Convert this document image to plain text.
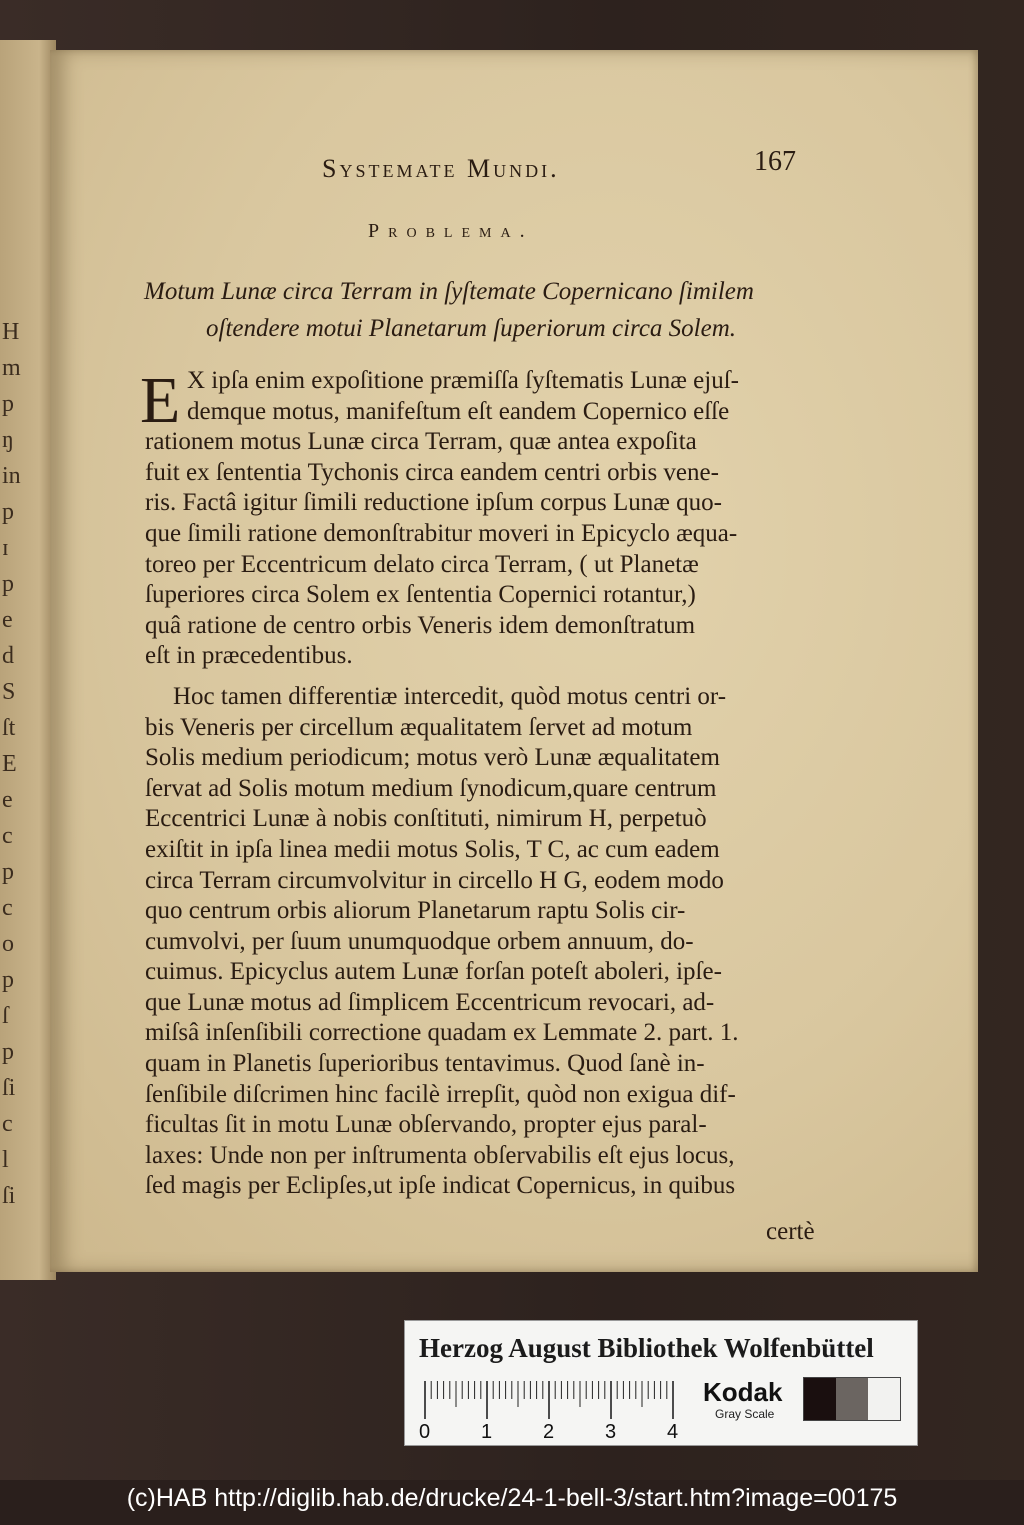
H
m
p
ŋ
in
p
ɪ
p
e
d
S
ſt
E
e
c
p
c
o
p
ſ
p
ſi
c
l
ſi
Systemate Mundi.	167
Problema.
Motum Lunæ circa Terram in ſyſtemate Copernicano ſimilem
oſtendere motui Planetarum ſuperiorum circa Solem.
E X ipſa enim expoſitione præmiſſa ſyſtematis Lunæ ejuſ-
demque motus, manifeſtum eſt eandem Copernico eſſe
rationem motus Lunæ circa Terram, quæ antea expoſita
fuit ex ſententia Tychonis circa eandem centri orbis vene-
ris. Factâ igitur ſimili reductione ipſum corpus Lunæ quo-
que ſimili ratione demonſtrabitur moveri in Epicyclo æqua-
toreo per Eccentricum delato circa Terram, ( ut Planetæ
ſuperiores circa Solem ex ſententia Copernici rotantur,)
quâ ratione de centro orbis Veneris idem demonſtratum
eſt in præcedentibus.
Hoc tamen differentiæ intercedit, quòd motus centri or-
bis Veneris per circellum æqualitatem ſervet ad motum
Solis medium periodicum; motus verò Lunæ æqualitatem
ſervat ad Solis motum medium ſynodicum,quare centrum
Eccentrici Lunæ à nobis conſtituti, nimirum H, perpetuò
exiſtit in ipſa linea medii motus Solis, T C, ac cum eadem
circa Terram circumvolvitur in circello H G, eodem modo
quo centrum orbis aliorum Planetarum raptu Solis cir-
cumvolvi, per ſuum unumquodque orbem annuum, do-
cuimus. Epicyclus autem Lunæ forſan poteſt aboleri, ipſe-
que Lunæ motus ad ſimplicem Eccentricum revocari, ad-
miſsâ inſenſibili correctione quadam ex Lemmate 2. part. 1.
quam in Planetis ſuperioribus tentavimus. Quod ſanè in-
ſenſibile diſcrimen hinc facilè irrepſit, quòd non exigua dif-
ficultas ſit in motu Lunæ obſervando, propter ejus paral-
laxes: Unde non per inſtrumenta obſervabilis eſt ejus locus,
ſed magis per Eclipſes,ut ipſe indicat Copernicus, in quibus
certè
Herzog August Bibliothek Wolfenbüttel
0	1	2	3	4
Kodak
Gray Scale
(c)HAB http://diglib.hab.de/drucke/24-1-bell-3/start.htm?image=00175
